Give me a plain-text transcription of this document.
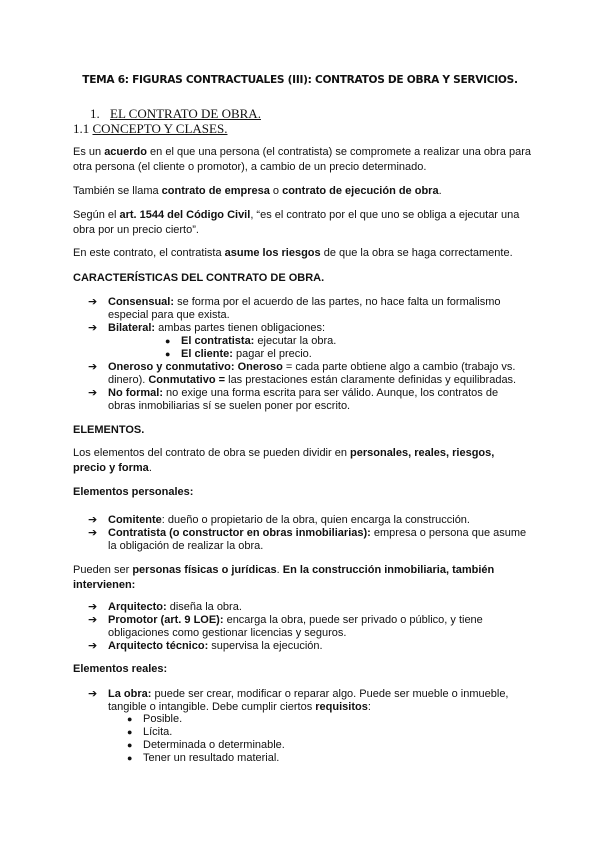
TEMA 6: FIGURAS CONTRACTUALES (III): CONTRATOS DE OBRA Y SERVICIOS.
1. EL CONTRATO DE OBRA.
1.1 CONCEPTO Y CLASES.

Es un acuerdo en el que una persona (el contratista) se compromete a realizar una obra para otra persona (el cliente o promotor), a cambio de un precio determinado.

También se llama contrato de empresa o contrato de ejecución de obra.

Según el art. 1544 del Código Civil, “es el contrato por el que uno se obliga a ejecutar una obra por un precio cierto”.

En este contrato, el contratista asume los riesgos de que la obra se haga correctamente.

CARACTERÍSTICAS DEL CONTRATO DE OBRA.
➔ Consensual: se forma por el acuerdo de las partes, no hace falta un formalismo especial para que exista.
➔ Bilateral: ambas partes tienen obligaciones:
● El contratista: ejecutar la obra.
● El cliente: pagar el precio.
➔ Oneroso y conmutativo: Oneroso = cada parte obtiene algo a cambio (trabajo vs. dinero). Conmutativo = las prestaciones están claramente definidas y equilibradas.
➔ No formal: no exige una forma escrita para ser válido. Aunque, los contratos de obras inmobiliarias sí se suelen poner por escrito.
ELEMENTOS.

Los elementos del contrato de obra se pueden dividir en personales, reales, riesgos, precio y forma.

Elementos personales:
➔ Comitente: dueño o propietario de la obra, quien encarga la construcción.
➔ Contratista (o constructor en obras inmobiliarias): empresa o persona que asume la obligación de realizar la obra.

Pueden ser personas físicas o jurídicas. En la construcción inmobiliaria, también intervienen:

➔ Arquitecto: diseña la obra.
➔ Promotor (art. 9 LOE): encarga la obra, puede ser privado o público, y tiene obligaciones como gestionar licencias y seguros.
➔ Arquitecto técnico: supervisa la ejecución.
Elementos reales:
➔ La obra: puede ser crear, modificar o reparar algo. Puede ser mueble o inmueble, tangible o intangible. Debe cumplir ciertos requisitos:
● Posible.
● Lícita.
● Determinada o determinable.
● Tener un resultado material.
